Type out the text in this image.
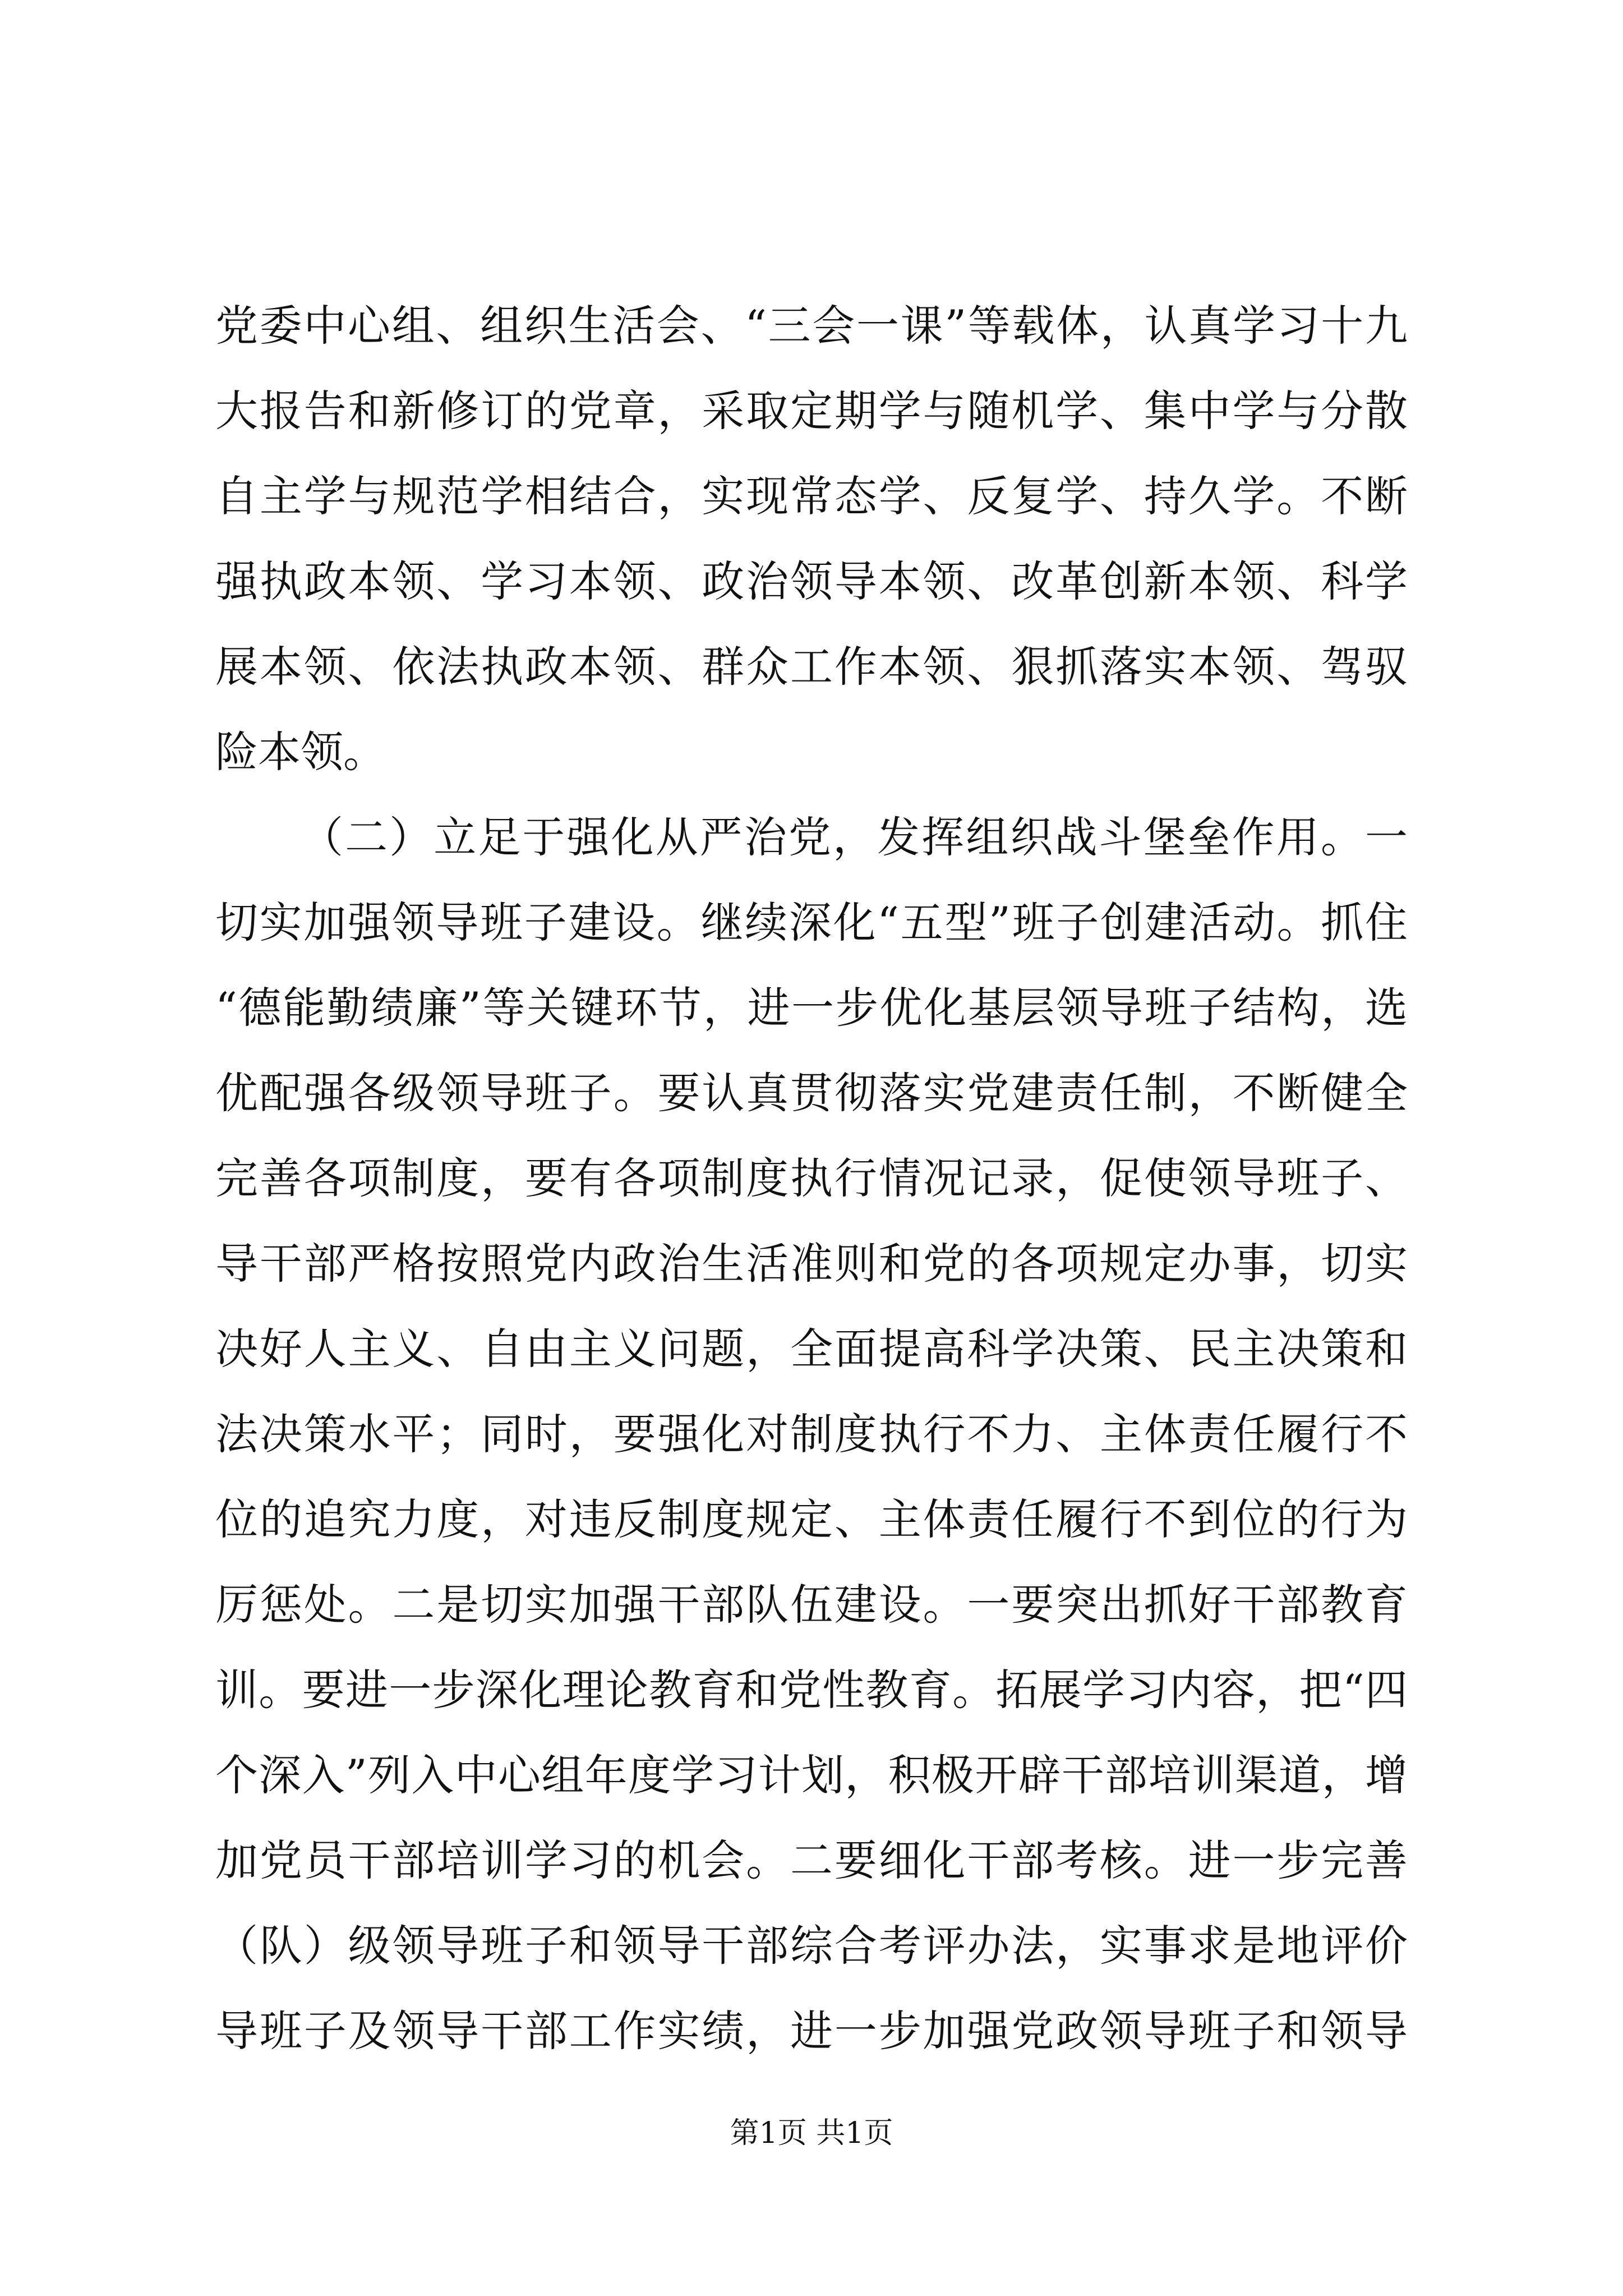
党委中心组、组织生活会、“三会一课”等载体，认真学习十九
大报告和新修订的党章，采取定期学与随机学、集中学与分散
自主学与规范学相结合，实现常态学、反复学、持久学。不断
强执政本领、学习本领、政治领导本领、改革创新本领、科学
展本领、依法执政本领、群众工作本领、狠抓落实本领、驾驭
险本领。
（二）立足于强化从严治党，发挥组织战斗堡垒作用。一
切实加强领导班子建设。继续深化“五型”班子创建活动。抓住
“德能勤绩廉”等关键环节，进一步优化基层领导班子结构，选
优配强各级领导班子。要认真贯彻落实党建责任制，不断健全
完善各项制度，要有各项制度执行情况记录，促使领导班子、
导干部严格按照党内政治生活准则和党的各项规定办事，切实
决好人主义、自由主义问题，全面提高科学决策、民主决策和
法决策水平；同时，要强化对制度执行不力、主体责任履行不
位的追究力度，对违反制度规定、主体责任履行不到位的行为
厉惩处。二是切实加强干部队伍建设。一要突出抓好干部教育
训。要进一步深化理论教育和党性教育。拓展学习内容，把“四
个深入”列入中心组年度学习计划，积极开辟干部培训渠道，增
加党员干部培训学习的机会。二要细化干部考核。进一步完善
（队）级领导班子和领导干部综合考评办法，实事求是地评价
导班子及领导干部工作实绩，进一步加强党政领导班子和领导
第1页 共1页
